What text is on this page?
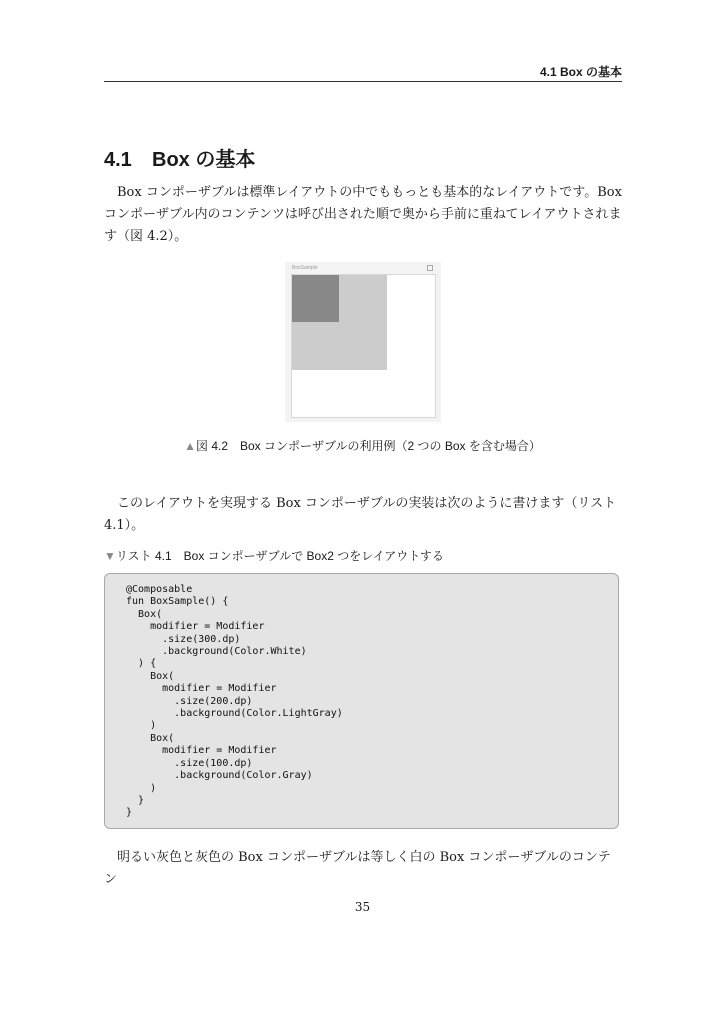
4.1 Box の基本
4.1 Box の基本

Box コンポーザブルは標準レイアウトの中でももっとも基本的なレイアウトです。Box コンポーザブル内のコンテンツは呼び出された順で奥から手前に重ねてレイアウトされます（図 4.2）。

BoxSample
▲図 4.2　Box コンポーザブルの利用例（2 つの Box を含む場合）

このレイアウトを実現する Box コンポーザブルの実装は次のように書けます（リスト 4.1）。

▼リスト 4.1　Box コンポーザブルで Box2 つをレイアウトする
@Composable
fun BoxSample() {
Box(
modifier = Modifier
.size(300.dp)
.background(Color.White)
) {
Box(
modifier = Modifier
.size(200.dp)
.background(Color.LightGray)
)
Box(
modifier = Modifier
.size(100.dp)
.background(Color.Gray)
)
}
}

明るい灰色と灰色の Box コンポーザブルは等しく白の Box コンポーザブルのコンテン

35
